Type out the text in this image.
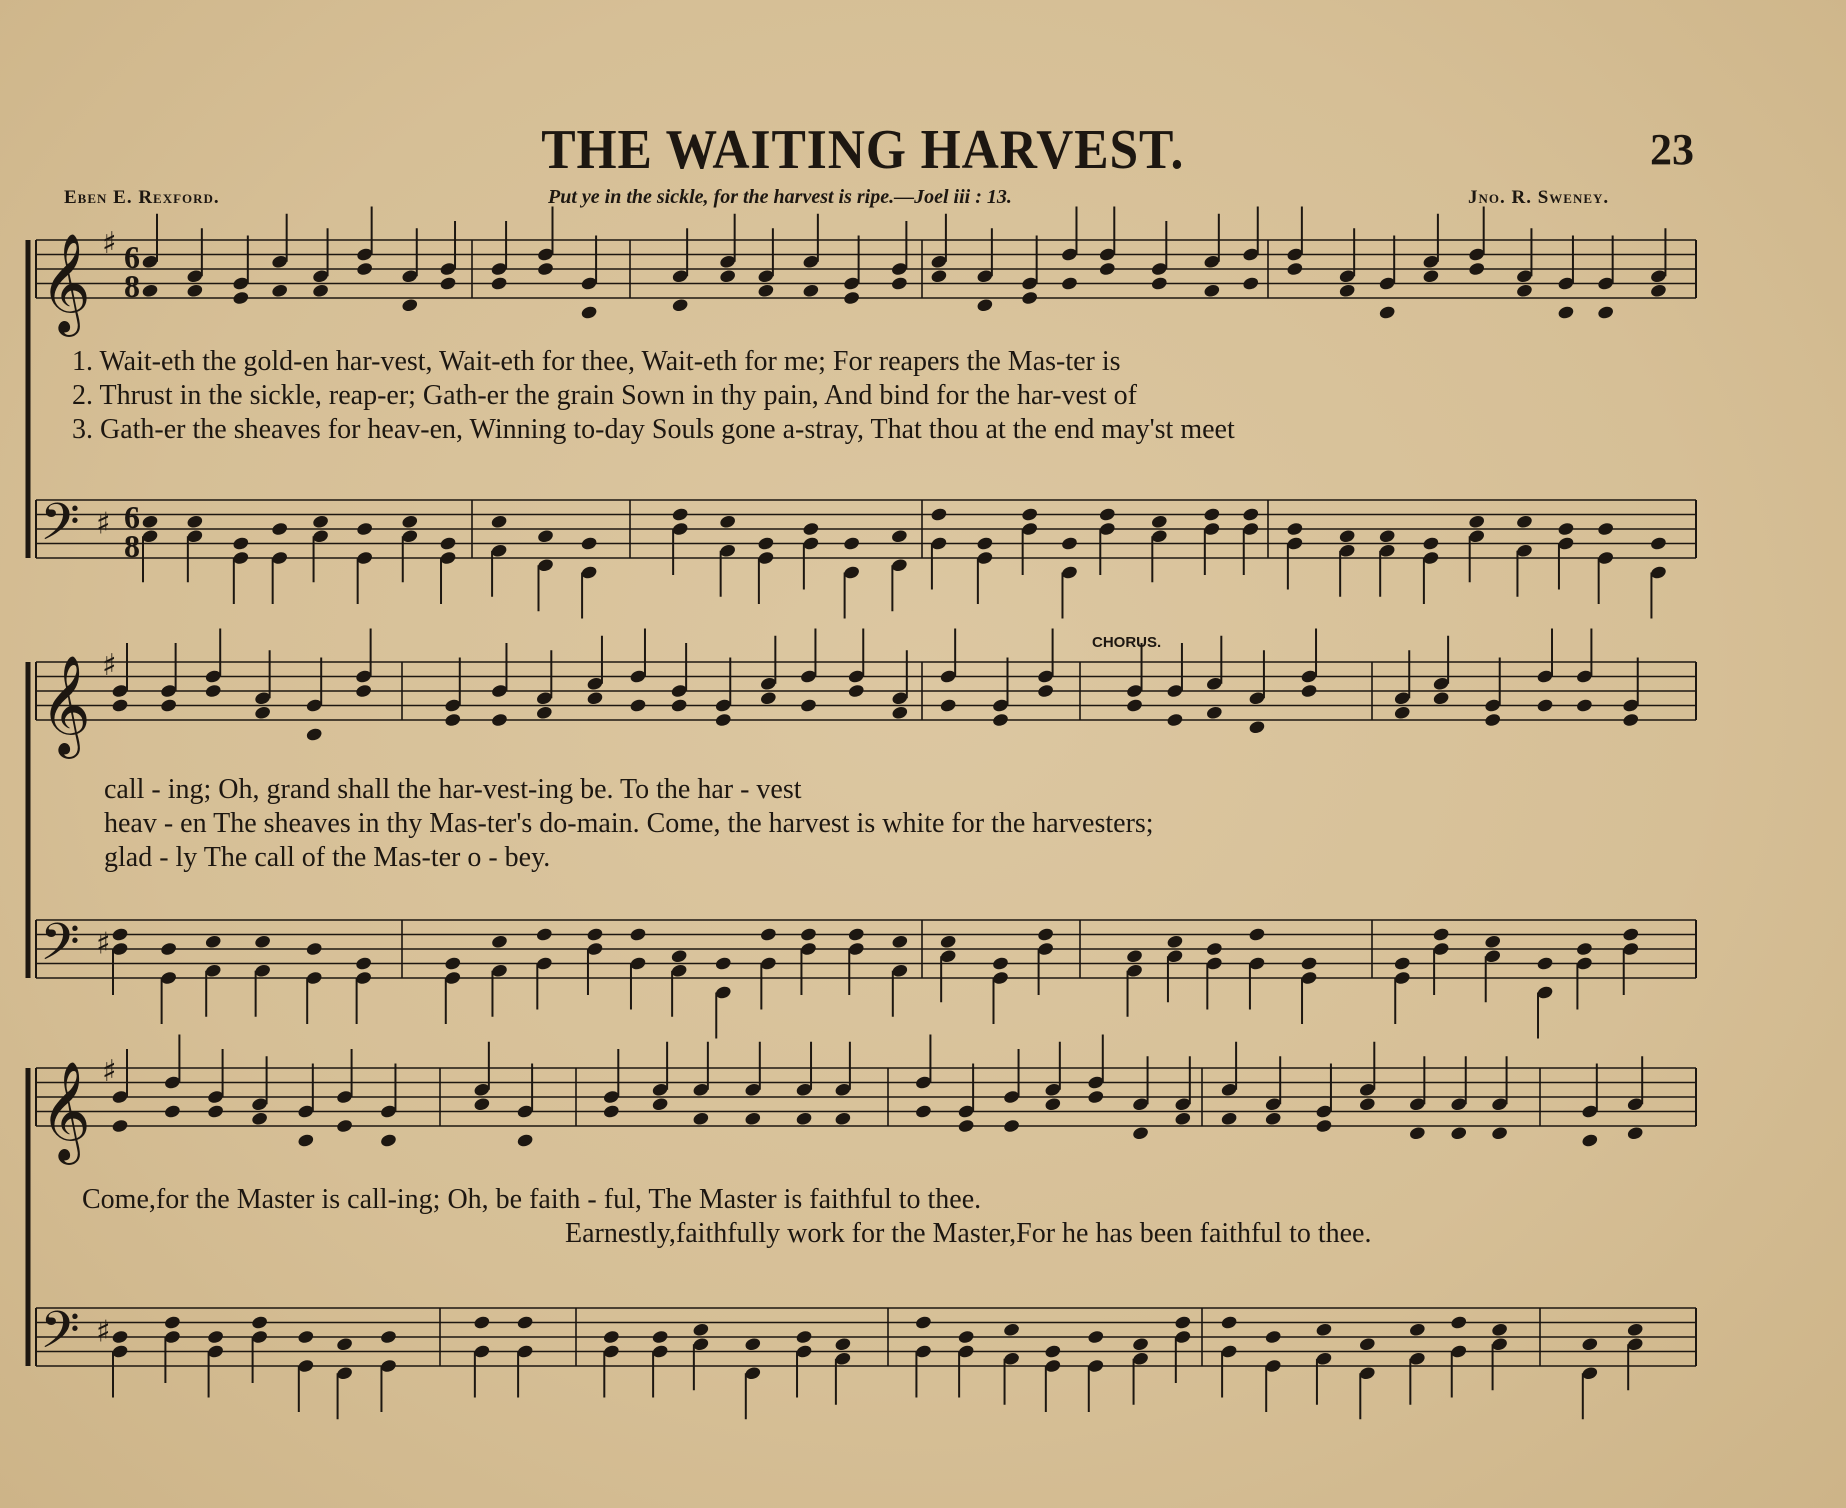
THE WAITING HARVEST.	23
Eben E. Rexford.	Put ye in the sickle, for the harvest is ripe.—Joel iii : 13.	Jno. R. Sweney.
𝄞
𝄢
♯
♯
6
8
6
8
𝄞
𝄢
♯
♯
𝄞
𝄢
♯
♯
1. Wait-eth the gold-en har-vest, Wait-eth for thee, Wait-eth for me; For reapers the Mas-ter is
2. Thrust in the sickle, reap-er; Gath-er the grain Sown in thy pain, And bind for the har-vest of
3. Gath-er the sheaves for heav-en, Winning to-day Souls gone a-stray, That thou at the end may'st meet
CHORUS.
call - ing; Oh, grand shall the har-vest-ing be. To the har - vest
heav - en The sheaves in thy Mas-ter's do-main. Come, the harvest is white for the harvesters;
glad - ly The call of the Mas-ter o - bey.
Come,for the Master is call-ing; Oh, be faith - ful, The Master is faithful to thee.
Earnestly,faithfully work for the Master,For he has been faithful to thee.
